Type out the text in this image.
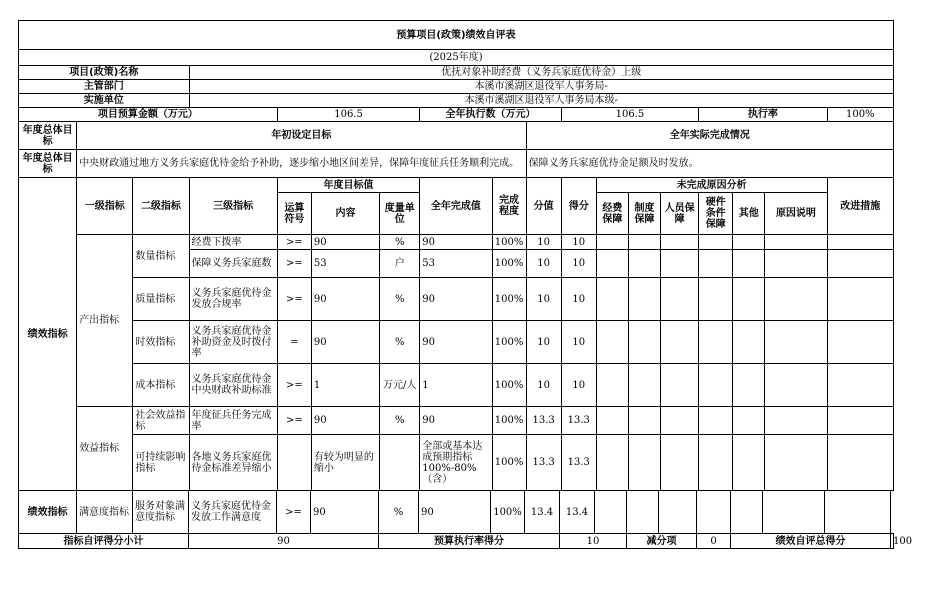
预算项目(政策)绩效自评表																	
(2025年度)																	
项目(政策)名称			优抚对象补助经费（义务兵家庭优待金）上级														
主管部门			本溪市溪湖区退役军人事务局-														
实施单位			本溪市溪湖区退役军人事务局本级-														
项目预算金额（万元）				106.5			全年执行数（万元）			106.5				执行率			100%
年度总体目标	年初设定目标								全年实际完成情况								
年度总体目标	中央财政通过地方义务兵家庭优待金给予补助，逐步缩小地区间差异，保障年度征兵任务顺利完成。								保障义务兵家庭优待金足额及时发放。								
绩效指标	一级指标	二级指标	三级指标	年度目标值			全年完成值	完成程度	分值	得分	未完成原因分析						改进措施
				运算符号	内容	度量单位					经费保障	制度保障	人员保障	硬件条件保障	其他	原因说明	

	产出指标	数量指标	经费下拨率	>=	90	%	90	100%	10	10							
			保障义务兵家庭数	>=	53	户	53	100%	10	10							
		质量指标	义务兵家庭优待金发放合规率	>=	90	%	90	100%	10	10							
		时效指标	义务兵家庭优待金补助资金及时拨付率	=	90	%	90	100%	10	10							
		成本指标	义务兵家庭优待金中央财政补助标准	>=	1	万元/人	1	100%	10	10							
	效益指标	社会效益指标	年度征兵任务完成率	>=	90	%	90	100%	13.3	13.3							
		可持续影响指标	各地义务兵家庭优待金标准差异缩小		有较为明显的缩小		全部或基本达成预期指标100%-80%（含）	100%	13.3	13.3							
绩效指标	满意度指标	服务对象满意度指标	义务兵家庭优待金发放工作满意度	>=	90	%	90	100%	13.4	13.4								
指标自评得分小计			90			预算执行率得分				10		减分项		0	绩效自评总得分			100
